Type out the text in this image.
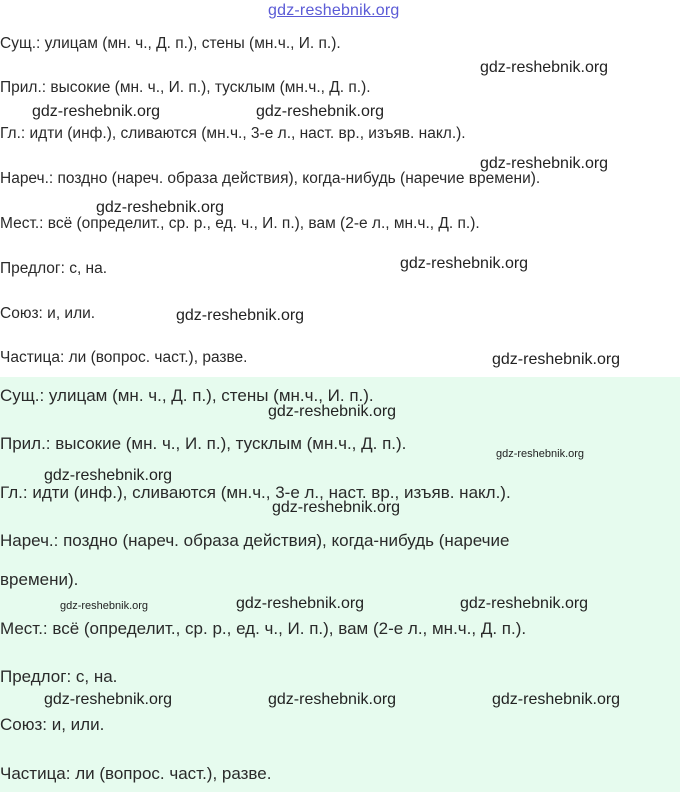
gdz-reshebnik.org
Сущ.: улицам (мн. ч., Д. п.), стены (мн.ч., И. п.).
Прил.: высокие (мн. ч., И. п.), тусклым (мн.ч., Д. п.).
Гл.: идти (инф.), сливаются (мн.ч., 3-е л., наст. вр., изъяв. накл.).
Нареч.: поздно (нареч. образа действия), когда-нибудь (наречие времени).
Мест.: всё (определит., ср. р., ед. ч., И. п.), вам (2-е л., мн.ч., Д. п.).
Предлог: с, на.
Союз: и, или.
Частица: ли (вопрос. част.), разве.
gdz-reshebnik.org
gdz-reshebnik.org	gdz-reshebnik.org
gdz-reshebnik.org
gdz-reshebnik.org
gdz-reshebnik.org
gdz-reshebnik.org
gdz-reshebnik.org
Сущ.: улицам (мн. ч., Д. п.), стены (мн.ч., И. п.).
Прил.: высокие (мн. ч., И. п.), тусклым (мн.ч., Д. п.).
Гл.: идти (инф.), сливаются (мн.ч., 3-е л., наст. вр., изъяв. накл.).
Нареч.: поздно (нареч. образа действия), когда-нибудь (наречие
времени).
Мест.: всё (определит., ср. р., ед. ч., И. п.), вам (2-е л., мн.ч., Д. п.).
Предлог: с, на.
Союз: и, или.
Частица: ли (вопрос. част.), разве.
gdz-reshebnik.org
gdz-reshebnik.org
gdz-reshebnik.org
gdz-reshebnik.org
gdz-reshebnik.org	gdz-reshebnik.org	gdz-reshebnik.org
gdz-reshebnik.org	gdz-reshebnik.org	gdz-reshebnik.org
